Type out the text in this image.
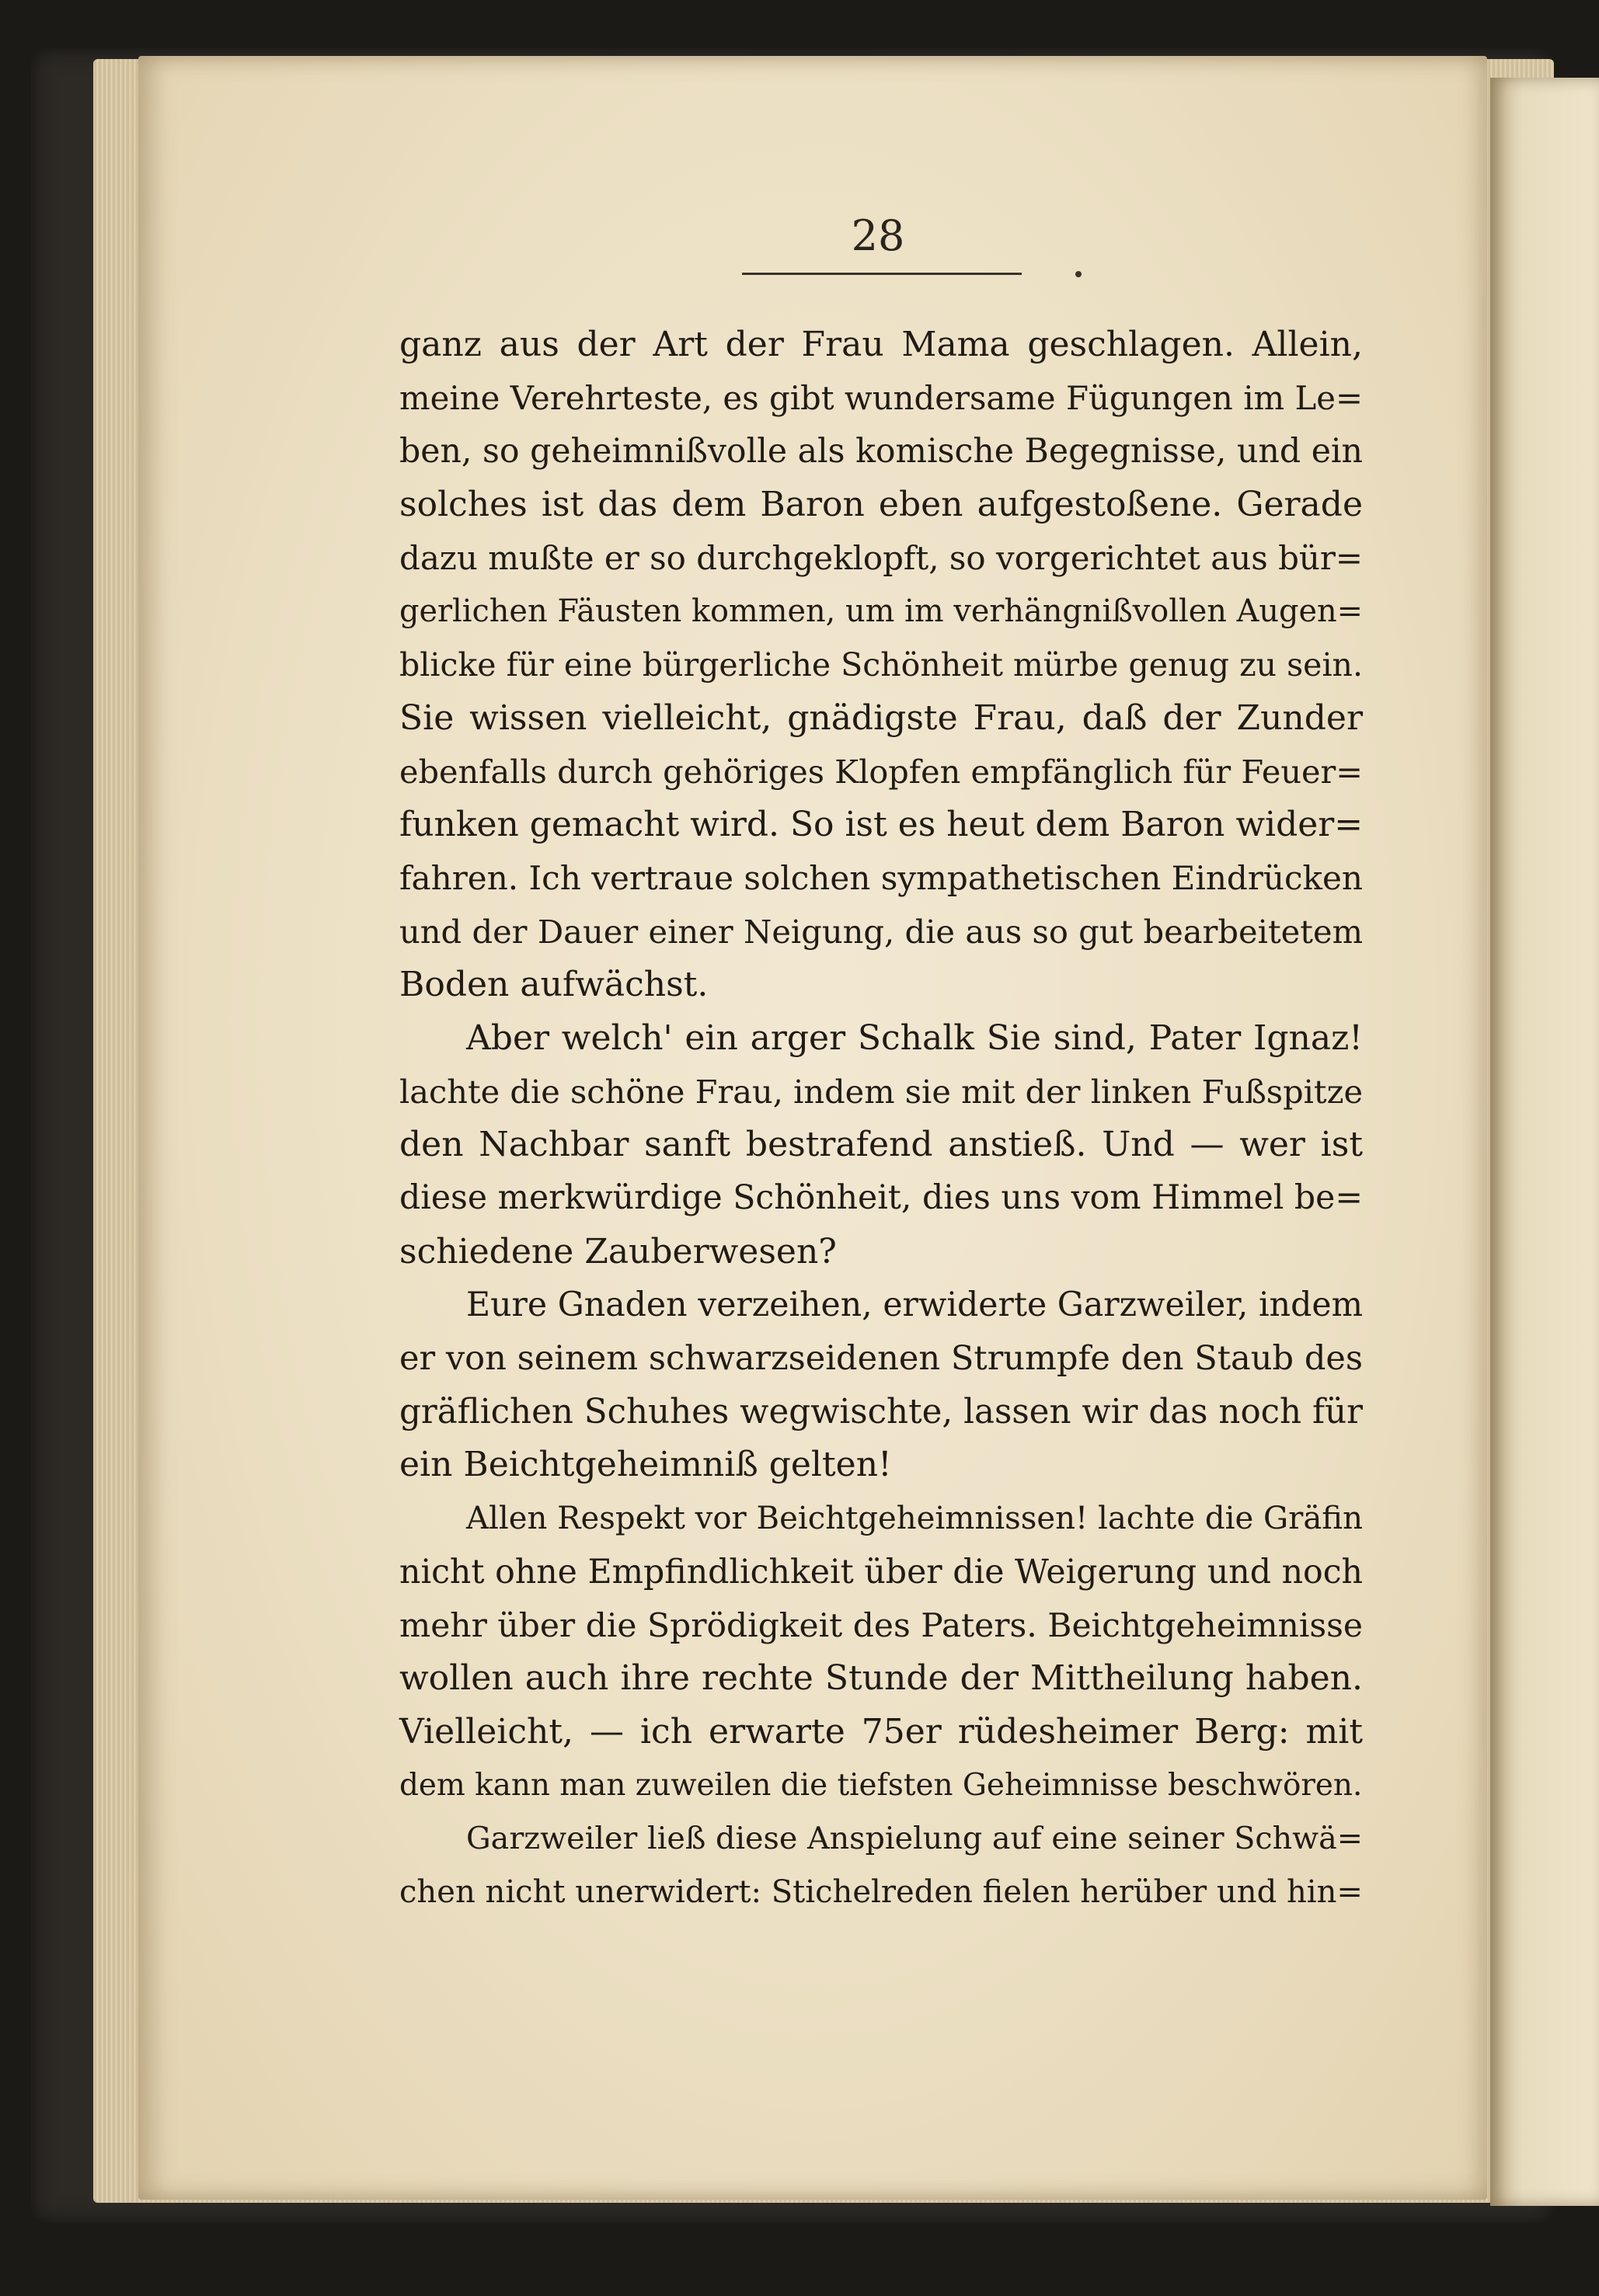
28
ganz aus der Art der Frau Mama geschlagen. Allein,
meine Verehrteste, es gibt wundersame Fügungen im Le=
ben, so geheimnißvolle als komische Begegnisse, und ein
solches ist das dem Baron eben aufgestoßene. Gerade
dazu mußte er so durchgeklopft, so vorgerichtet aus bür=
gerlichen Fäusten kommen, um im verhängnißvollen Augen=
blicke für eine bürgerliche Schönheit mürbe genug zu sein.
Sie wissen vielleicht, gnädigste Frau, daß der Zunder
ebenfalls durch gehöriges Klopfen empfänglich für Feuer=
funken gemacht wird. So ist es heut dem Baron wider=
fahren. Ich vertraue solchen sympathetischen Eindrücken
und der Dauer einer Neigung, die aus so gut bearbeitetem
Boden aufwächst.
Aber welch' ein arger Schalk Sie sind, Pater Ignaz!
lachte die schöne Frau, indem sie mit der linken Fußspitze
den Nachbar sanft bestrafend anstieß. Und — wer ist
diese merkwürdige Schönheit, dies uns vom Himmel be=
schiedene Zauberwesen?
Eure Gnaden verzeihen, erwiderte Garzweiler, indem
er von seinem schwarzseidenen Strumpfe den Staub des
gräflichen Schuhes wegwischte, lassen wir das noch für
ein Beichtgeheimniß gelten!
Allen Respekt vor Beichtgeheimnissen! lachte die Gräfin
nicht ohne Empfindlichkeit über die Weigerung und noch
mehr über die Sprödigkeit des Paters. Beichtgeheimnisse
wollen auch ihre rechte Stunde der Mittheilung haben.
Vielleicht, — ich erwarte 75er rüdesheimer Berg: mit
dem kann man zuweilen die tiefsten Geheimnisse beschwören.
Garzweiler ließ diese Anspielung auf eine seiner Schwä=
chen nicht unerwidert: Stichelreden fielen herüber und hin=
